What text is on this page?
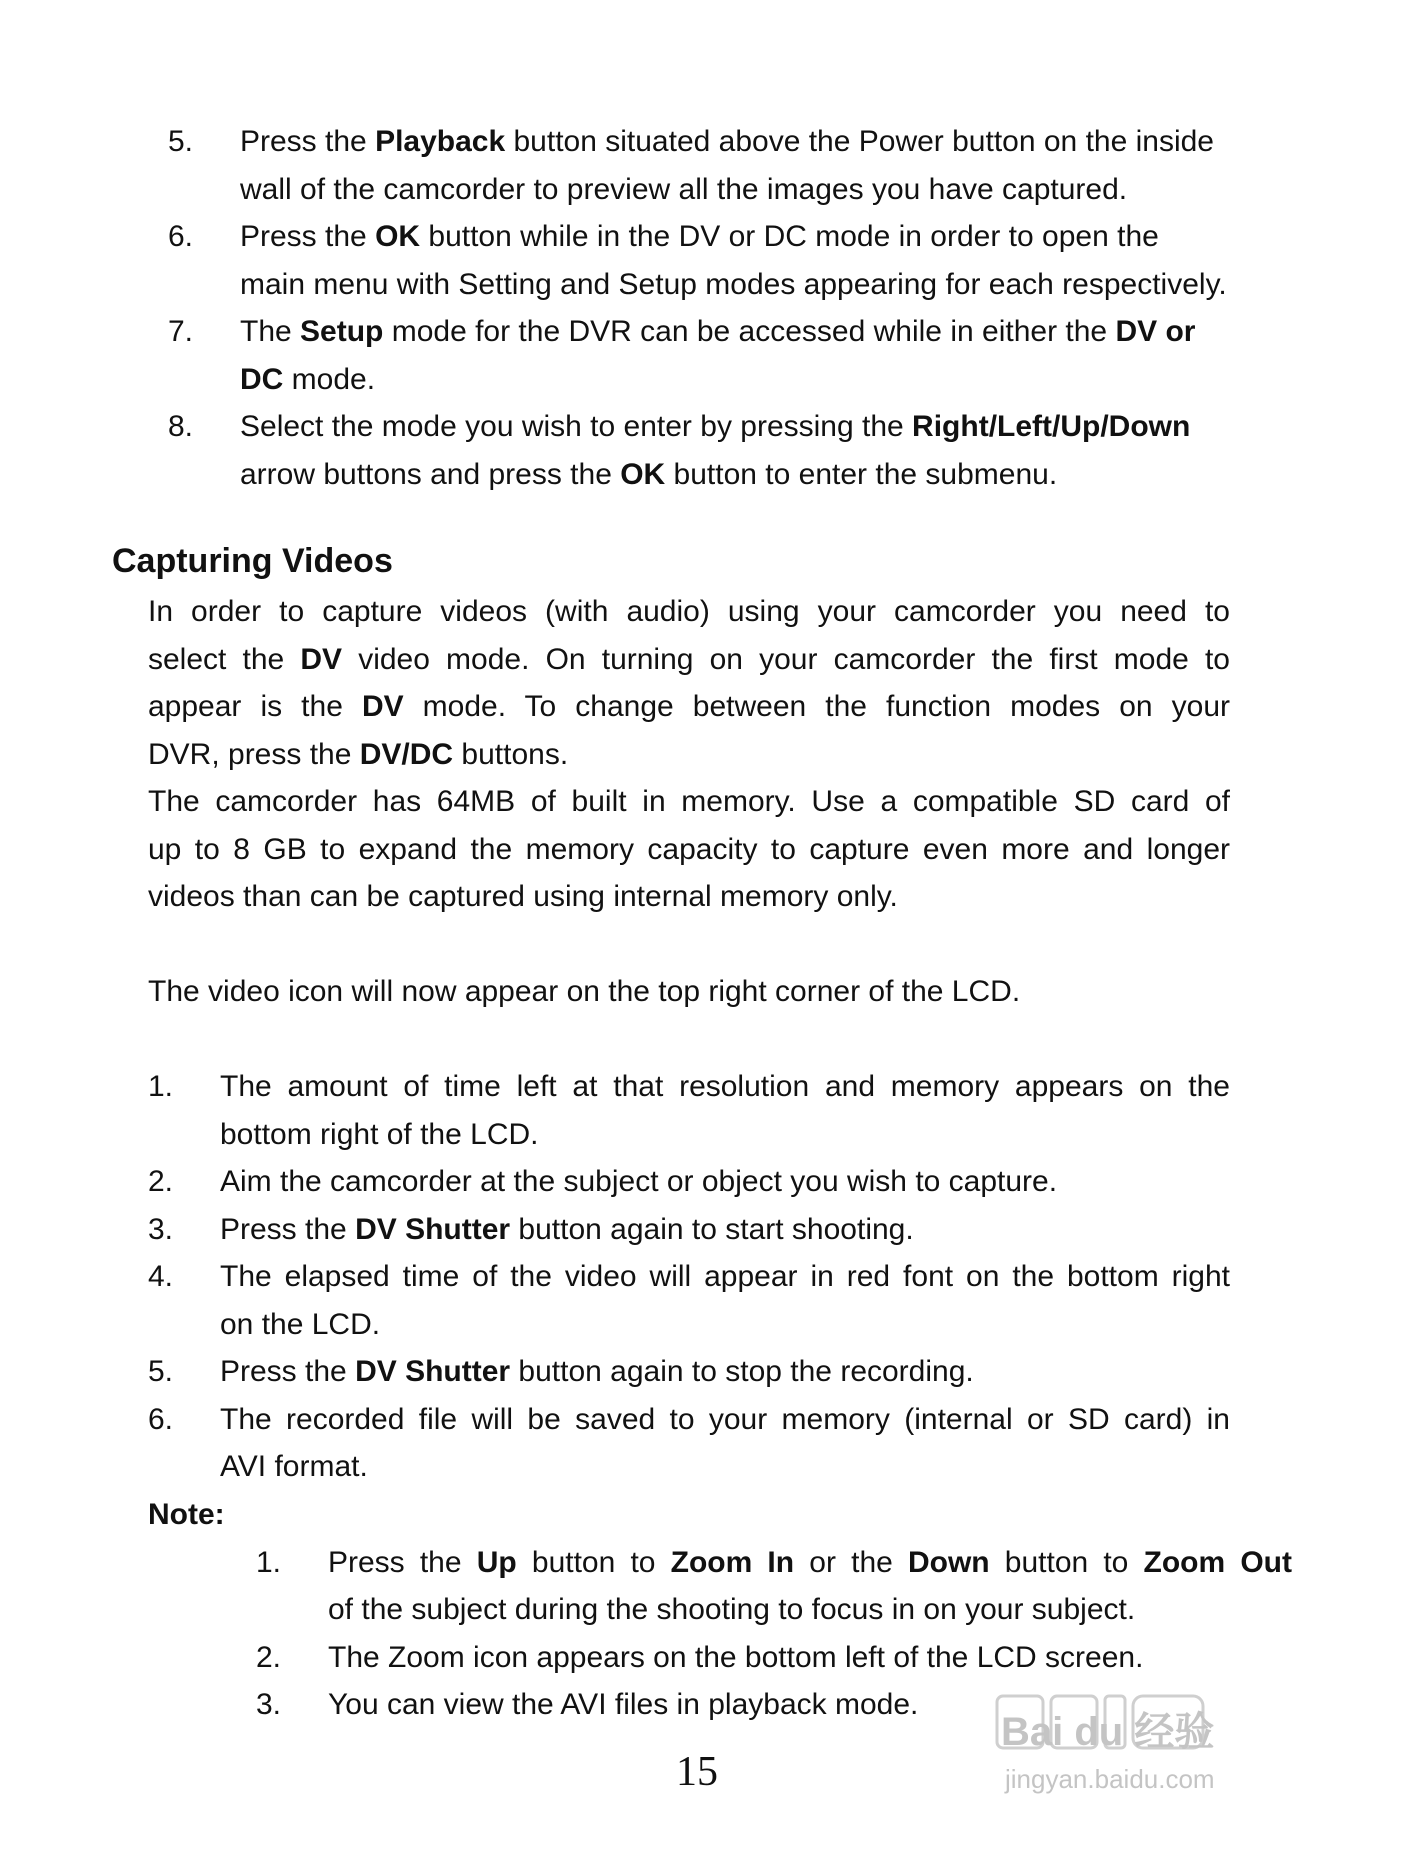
5. Press the Playback button situated above the Power button on the inside
wall of the camcorder to preview all the images you have captured.
6. Press the OK button while in the DV or DC mode in order to open the
main menu with Setting and Setup modes appearing for each respectively.
7. The Setup mode for the DVR can be accessed while in either the DV or
DC mode.
8. Select the mode you wish to enter by pressing the Right/Left/Up/Down
arrow buttons and press the OK button to enter the submenu.
Capturing Videos
In order to capture videos (with audio) using your camcorder you need to
select the DV video mode. On turning on your camcorder the first mode to
appear is the DV mode. To change between the function modes on your
DVR, press the DV/DC buttons.
The camcorder has 64MB of built in memory. Use a compatible SD card of
up to 8 GB to expand the memory capacity to capture even more and longer
videos than can be captured using internal memory only.
The video icon will now appear on the top right corner of the LCD.
1. The amount of time left at that resolution and memory appears on the
bottom right of the LCD.
2. Aim the camcorder at the subject or object you wish to capture.
3. Press the DV Shutter button again to start shooting.
4. The elapsed time of the video will appear in red font on the bottom right
on the LCD.
5. Press the DV Shutter button again to stop the recording.
6. The recorded file will be saved to your memory (internal or SD card) in
AVI format.
Note:
1. Press the Up button to Zoom In or the Down button to Zoom Out
of the subject during the shooting to focus in on your subject.
2. The Zoom icon appears on the bottom left of the LCD screen.
3. You can view the AVI files in playback mode.
15
Bai du 经验
jingyan.baidu.com
